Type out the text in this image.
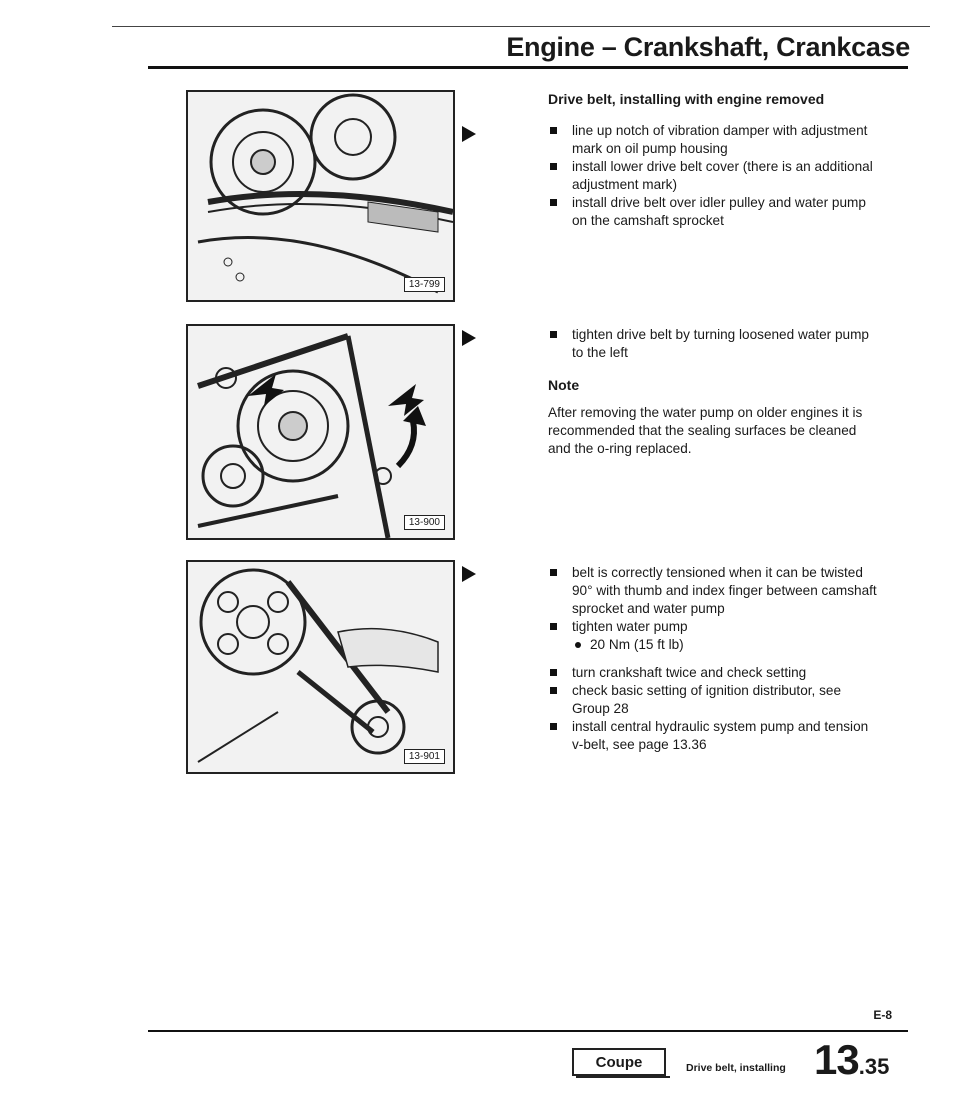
Engine – Crankshaft, Crankcase
13-799
13-900
13-901
Drive belt, installing with engine removed
line up notch of vibration damper with adjustment mark on oil pump housing
install lower drive belt cover (there is an additional adjustment mark)
install drive belt over idler pulley and water pump on the camshaft sprocket
tighten drive belt by turning loosened water pump to the left
Note

After removing the water pump on older engines it is recommended that the sealing surfaces be cleaned and the o-ring replaced.

belt is correctly tensioned when it can be twisted 90° with thumb and index finger between camshaft sprocket and water pump
tighten water pump
20 Nm (15 ft lb)
turn crankshaft twice and check setting
check basic setting of ignition distributor, see Group 28
install central hydraulic system pump and tension v-belt, see page 13.36
E-8
Coupe	Drive belt, installing 13.35
